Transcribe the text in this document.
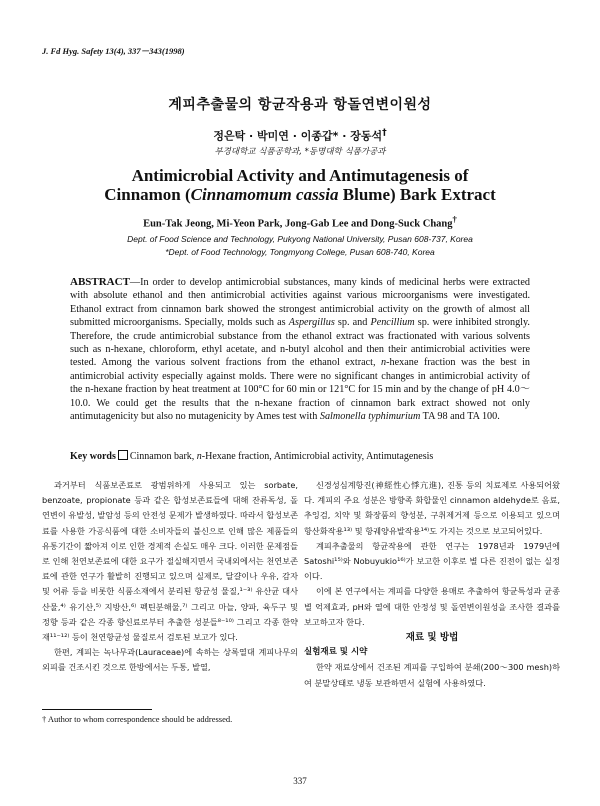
J. Fd Hyg. Safety 13(4), 337－343(1998)
계피추출물의 항균작용과 항돌연변이원성
정은탁 · 박미연 · 이종갑* · 장동석†
부경대학교 식품공학과, *동명대학 식품가공과
Antimicrobial Activity and Antimutagenesis of
Cinnamon (Cinnamomum cassia Blume) Bark Extract
Eun-Tak Jeong, Mi-Yeon Park, Jong-Gab Lee and Dong-Suck Chang†
Dept. of Food Science and Technology, Pukyong National University, Pusan 608-737, Korea
*Dept. of Food Technology, Tongmyong College, Pusan 608-740, Korea
ABSTRACT—In order to develop antimicrobial substances, many kinds of medicinal herbs were extracted with absolute ethanol and then antimicrobial activities against various microorganisms were investigated. Ethanol extract from cinnamon bark showed the strongest antimicrobial activity on the growth of almost all submitted microorganisms. Specially, molds such as Aspergillus sp. and Pencillium sp. were inhibited strongly. Therefore, the crude antimicrobial substance from the ethanol extract was fractionated with various solvents such as n-hexane, chloroform, ethyl acetate, and n-butyl alcohol and then their antimicrobial activities were tested. Among the various solvent fractions from the ethanol extract, n-hexane fraction was the best in antimicrobial activity especially against molds. There were no significant changes in antimicrobial activity of the n-hexane fraction by heat treatment at 100°C for 60 min or 121°C for 15 min and by the change of pH 4.0～10.0. We could get the results that the n-hexane fraction of cinnamon bark extract showed not only antimutagenicity but also no mutagenicity by Ames test with Salmonella typhimurium TA 98 and TA 100.
Key words Cinnamon bark, n-Hexane fraction, Antimicrobial activity, Antimutagenesis

과거부터 식품보존료로 광범위하게 사용되고 있는 sorbate, benzoate, propionate 등과 같은 합성보존료들에 대해 잔류독성, 돌연변이 유발성, 발암성 등의 안전성 문제가 발생하였다. 따라서 합성보존료를 사용한 가공식품에 대한 소비자들의 불신으로 인해 많은 제품들의 유통기간이 짧아져 이로 인한 경제적 손실도 매우 크다. 이러한 문제점들로 인해 천연보존료에 대한 요구가 절실해지면서 국내외에서는 천연보존료에 관한 연구가 활발히 진행되고 있으며 실제로, 달걀이나 우유, 감자 및 어류 등을 비롯한 식품소재에서 분리된 항균성 물질,¹⁻³⁾ 유산균 대사산물,⁴⁾ 유기산,⁵⁾ 지방산,⁶⁾ 펙틴분해물,⁷⁾ 그리고 마늘, 양파, 육두구 및 정향 등과 같은 각종 향신료로부터 추출한 성분들⁸⁻¹⁰⁾ 그리고 각종 한약재¹¹⁻¹²⁾ 등이 천연항균성 물질로서 검토된 보고가 있다.

한편, 계피는 녹나무과(Lauraceae)에 속하는 상록열대 계피나무의 외피를 건조시킨 것으로 한방에서는 두통, 발열,

신경성심계항진(神經性心悸亢進), 진통 등의 치료제로 사용되어왔다. 계피의 주요 성분은 방향족 화합물인 cinnamon aldehyde로 음료, 추잉검, 치약 및 화장품의 향성분, 구취제거제 등으로 이용되고 있으며 항산화작용¹³⁾ 및 항궤양유발작용¹⁴⁾도 가지는 것으로 보고되어있다.

계피추출물의 항균작용에 관한 연구는 1978년과 1979년에 Satoshi¹⁵⁾와 Nobuyukio¹⁶⁾가 보고한 이후로 별 다른 진전이 없는 실정이다.

이에 본 연구에서는 계피를 다양한 용매로 추출하여 항균특성과 균종별 억제효과, pH와 열에 대한 안정성 및 돌연변이원성을 조사한 결과를 보고하고자 한다.

재료 및 방법

실험재료 및 시약

한약 재료상에서 건조된 계피를 구입하여 분쇄(200～300 mesh)하여 분말상태로 냉동 보관하면서 실험에 사용하였다.

† Author to whom correspondence should be addressed.
337
